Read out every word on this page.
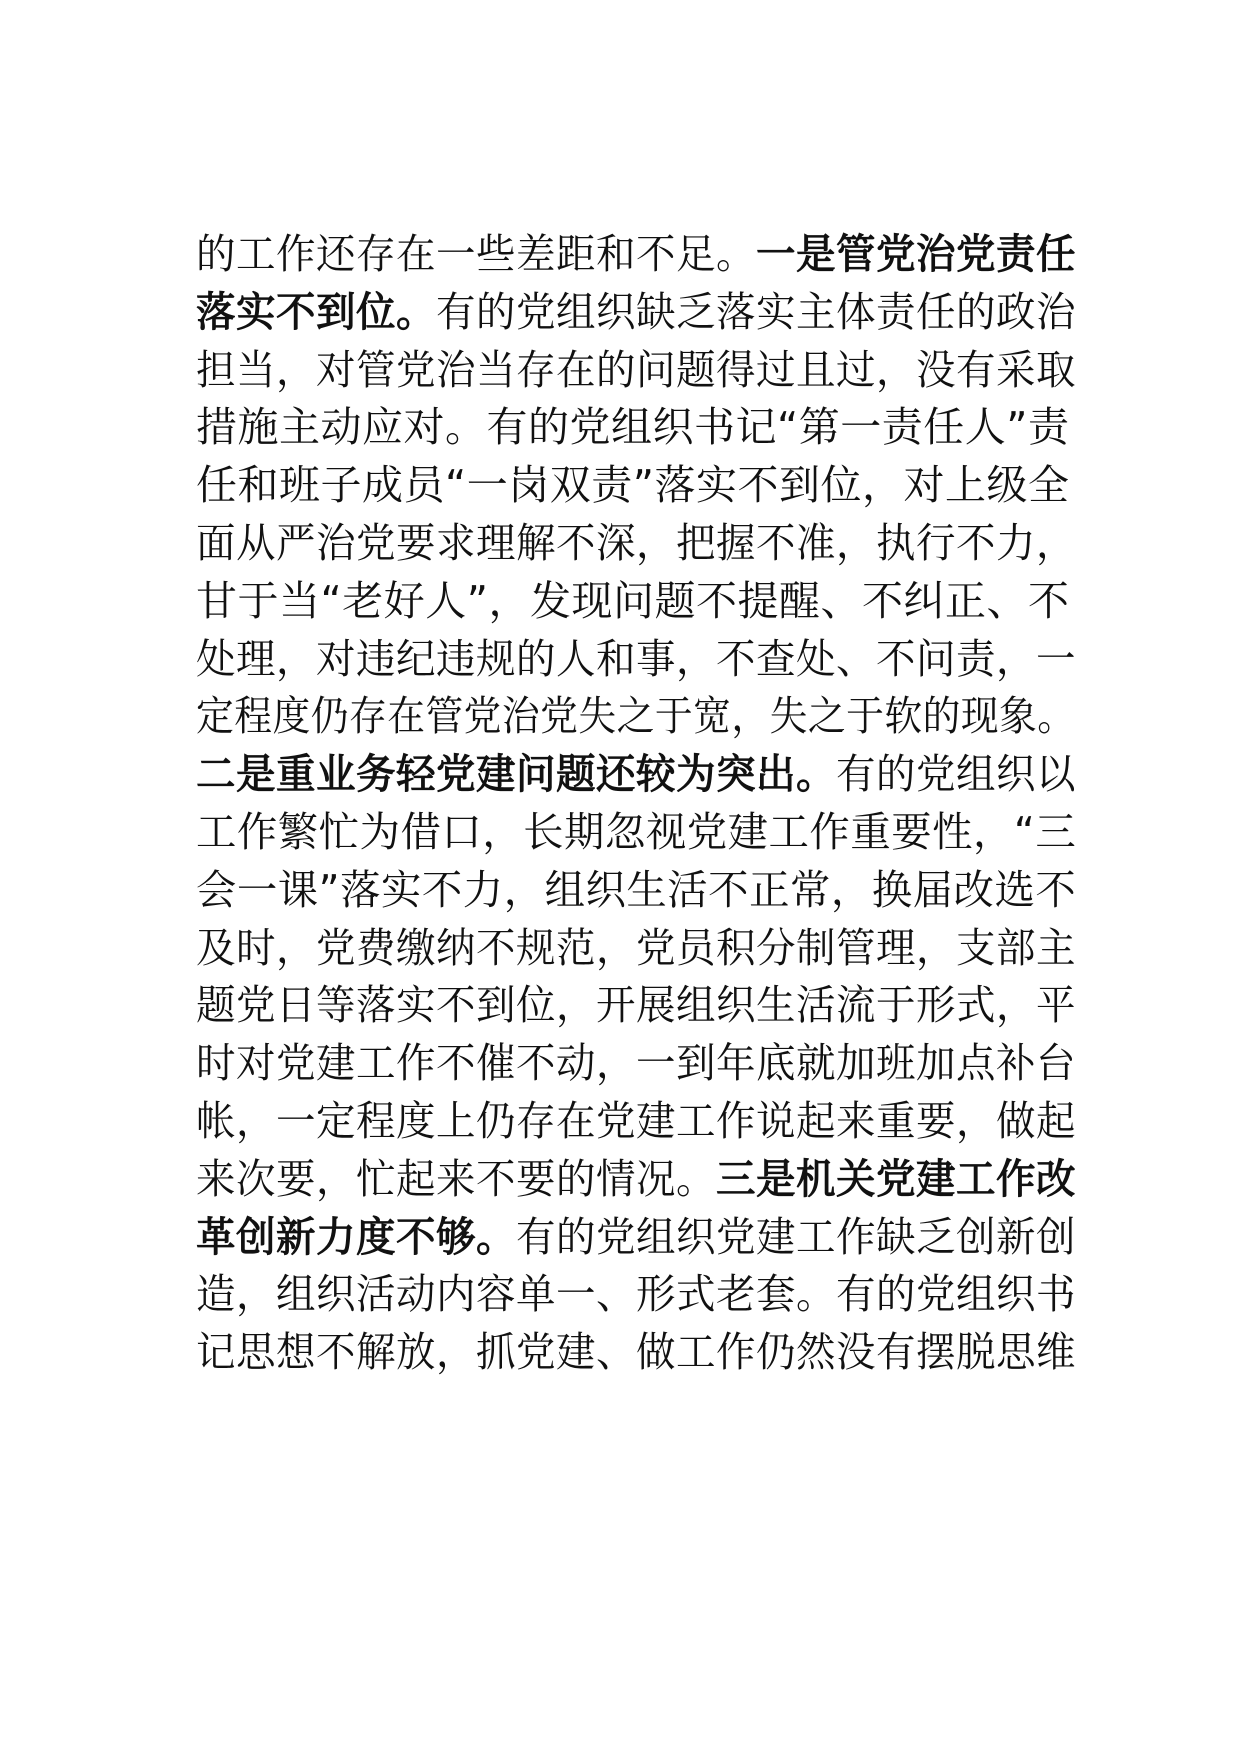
的工作还存在一些差距和不足。一是管党治党责任
落实不到位。有的党组织缺乏落实主体责任的政治
担当，对管党治当存在的问题得过且过，没有采取
措施主动应对。有的党组织书记“第一责任人”责
任和班子成员“一岗双责”落实不到位，对上级全
面从严治党要求理解不深，把握不准，执行不力，
甘于当“老好人”，发现问题不提醒、不纠正、不
处理，对违纪违规的人和事，不查处、不问责，一
定程度仍存在管党治党失之于宽，失之于软的现象。
二是重业务轻党建问题还较为突出。有的党组织以
工作繁忙为借口，长期忽视党建工作重要性，“三
会一课”落实不力，组织生活不正常，换届改选不
及时，党费缴纳不规范，党员积分制管理，支部主
题党日等落实不到位，开展组织生活流于形式，平
时对党建工作不催不动，一到年底就加班加点补台
帐，一定程度上仍存在党建工作说起来重要，做起
来次要，忙起来不要的情况。三是机关党建工作改
革创新力度不够。有的党组织党建工作缺乏创新创
造，组织活动内容单一、形式老套。有的党组织书
记思想不解放，抓党建、做工作仍然没有摆脱思维
